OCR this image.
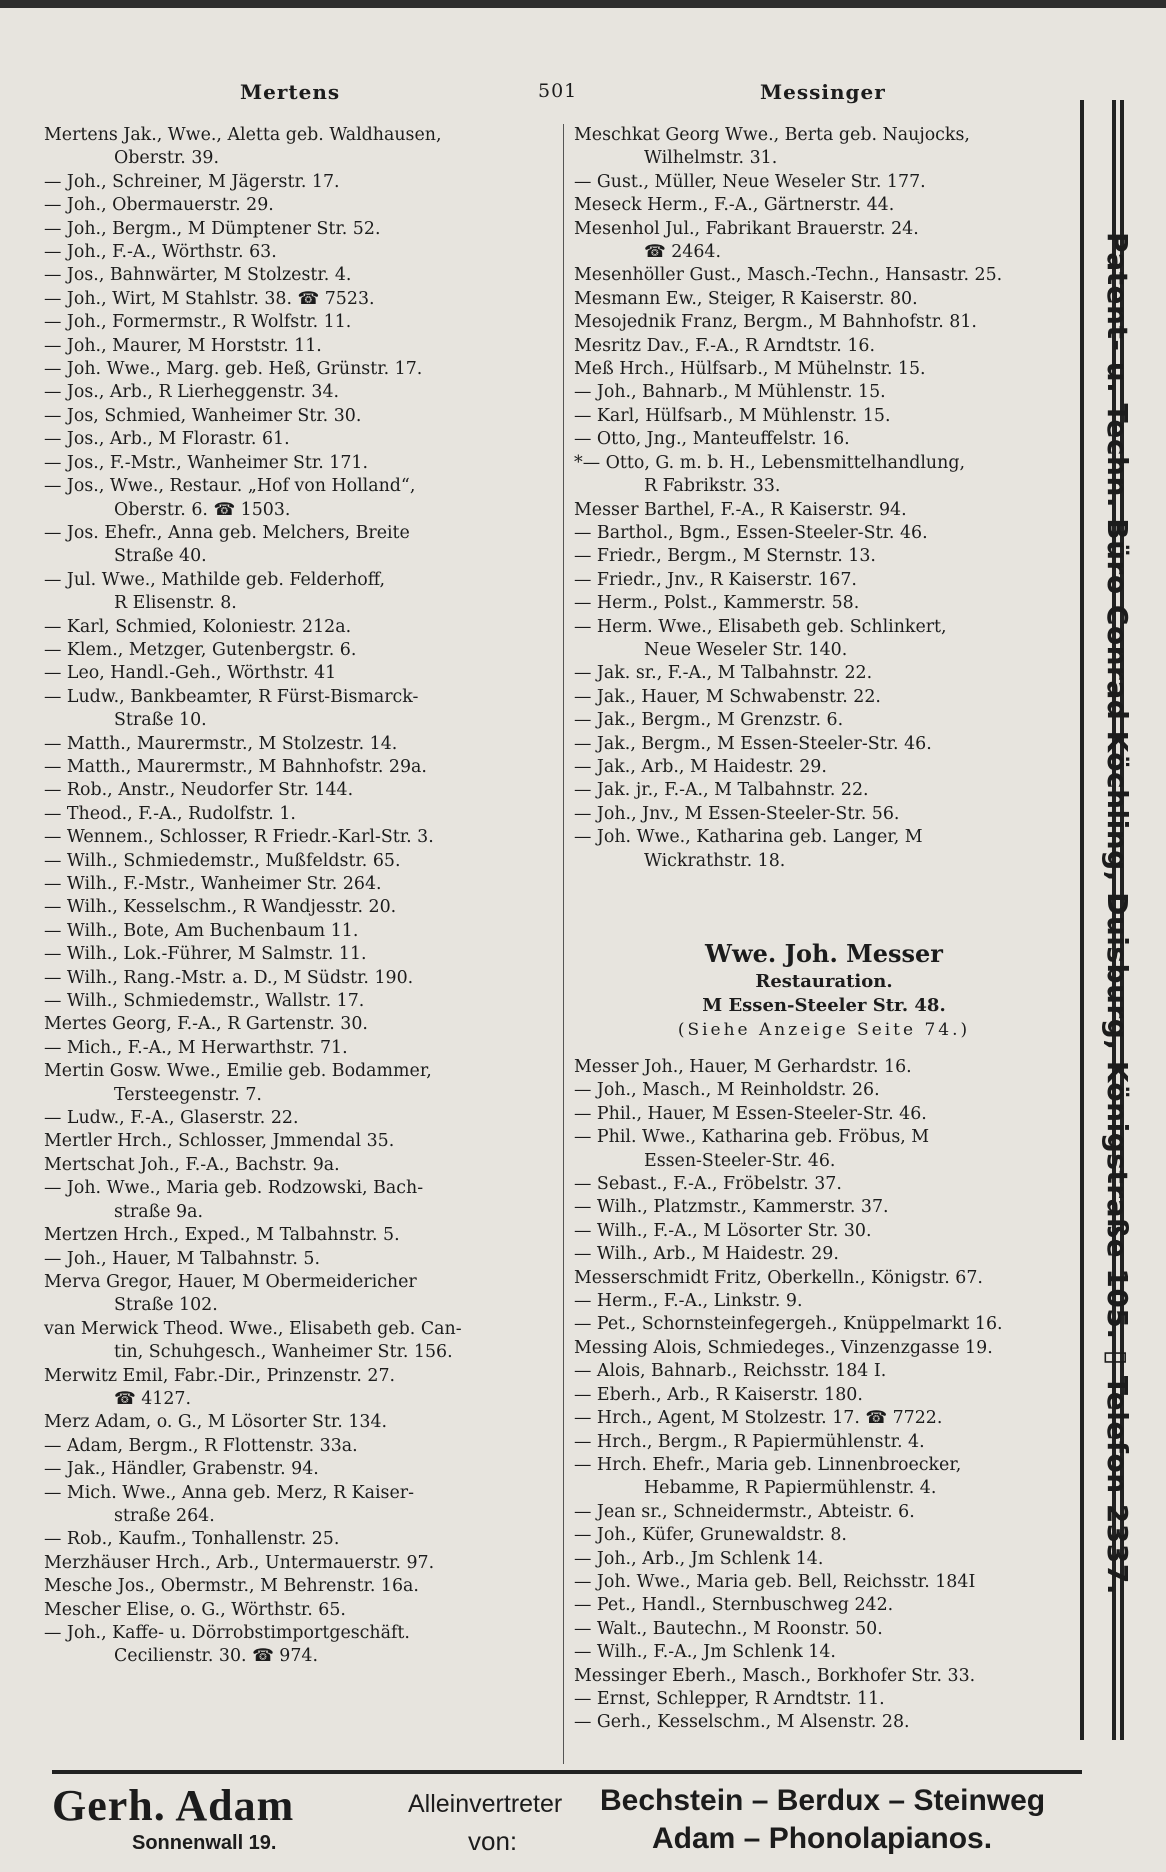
Mertens	501	Messinger

Mertens Jak., Wwe., Aletta geb. Waldhausen,

Oberstr. 39.

— Joh., Schreiner, M Jägerstr. 17.

— Joh., Obermauerstr. 29.

— Joh., Bergm., M Dümptener Str. 52.

— Joh., F.-A., Wörthstr. 63.

— Jos., Bahnwärter, M Stolzestr. 4.

— Joh., Wirt, M Stahlstr. 38. ☎ 7523.

— Joh., Formermstr., R Wolfstr. 11.

— Joh., Maurer, M Horststr. 11.

— Joh. Wwe., Marg. geb. Heß, Grünstr. 17.

— Jos., Arb., R Lierheggenstr. 34.

— Jos, Schmied, Wanheimer Str. 30.

— Jos., Arb., M Florastr. 61.

— Jos., F.-Mstr., Wanheimer Str. 171.

— Jos., Wwe., Restaur. „Hof von Holland“,

Oberstr. 6. ☎ 1503.

— Jos. Ehefr., Anna geb. Melchers, Breite

Straße 40.

— Jul. Wwe., Mathilde geb. Felderhoff,

R Elisenstr. 8.

— Karl, Schmied, Koloniestr. 212a.

— Klem., Metzger, Gutenbergstr. 6.

— Leo, Handl.-Geh., Wörthstr. 41

— Ludw., Bankbeamter, R Fürst-Bismarck-

Straße 10.

— Matth., Maurermstr., M Stolzestr. 14.

— Matth., Maurermstr., M Bahnhofstr. 29a.

— Rob., Anstr., Neudorfer Str. 144.

— Theod., F.-A., Rudolfstr. 1.

— Wennem., Schlosser, R Friedr.-Karl-Str. 3.

— Wilh., Schmiedemstr., Mußfeldstr. 65.

— Wilh., F.-Mstr., Wanheimer Str. 264.

— Wilh., Kesselschm., R Wandjesstr. 20.

— Wilh., Bote, Am Buchenbaum 11.

— Wilh., Lok.-Führer, M Salmstr. 11.

— Wilh., Rang.-Mstr. a. D., M Südstr. 190.

— Wilh., Schmiedemstr., Wallstr. 17.

Mertes Georg, F.-A., R Gartenstr. 30.

— Mich., F.-A., M Herwarthstr. 71.

Mertin Gosw. Wwe., Emilie geb. Bodammer,

Tersteegenstr. 7.

— Ludw., F.-A., Glaserstr. 22.

Mertler Hrch., Schlosser, Jmmendal 35.

Mertschat Joh., F.-A., Bachstr. 9a.

— Joh. Wwe., Maria geb. Rodzowski, Bach-

straße 9a.

Mertzen Hrch., Exped., M Talbahnstr. 5.

— Joh., Hauer, M Talbahnstr. 5.

Merva Gregor, Hauer, M Obermeidericher

Straße 102.

van Merwick Theod. Wwe., Elisabeth geb. Can-

tin, Schuhgesch., Wanheimer Str. 156.

Merwitz Emil, Fabr.-Dir., Prinzenstr. 27.

☎ 4127.

Merz Adam, o. G., M Lösorter Str. 134.

— Adam, Bergm., R Flottenstr. 33a.

— Jak., Händler, Grabenstr. 94.

— Mich. Wwe., Anna geb. Merz, R Kaiser-

straße 264.

— Rob., Kaufm., Tonhallenstr. 25.

Merzhäuser Hrch., Arb., Untermauerstr. 97.

Mesche Jos., Obermstr., M Behrenstr. 16a.

Mescher Elise, o. G., Wörthstr. 65.

— Joh., Kaffe- u. Dörrobstimportgeschäft.

Cecilienstr. 30. ☎ 974.

Meschkat Georg Wwe., Berta geb. Naujocks,

Wilhelmstr. 31.

— Gust., Müller, Neue Weseler Str. 177.

Meseck Herm., F.-A., Gärtnerstr. 44.

Mesenhol Jul., Fabrikant Brauerstr. 24.

☎ 2464.

Mesenhöller Gust., Masch.-Techn., Hansastr. 25.

Mesmann Ew., Steiger, R Kaiserstr. 80.

Mesojednik Franz, Bergm., M Bahnhofstr. 81.

Mesritz Dav., F.-A., R Arndtstr. 16.

Meß Hrch., Hülfsarb., M Mühelnstr. 15.

— Joh., Bahnarb., M Mühlenstr. 15.

— Karl, Hülfsarb., M Mühlenstr. 15.

— Otto, Jng., Manteuffelstr. 16.

*— Otto, G. m. b. H., Lebensmittelhandlung,

R Fabrikstr. 33.

Messer Barthel, F.-A., R Kaiserstr. 94.

— Barthol., Bgm., Essen-Steeler-Str. 46.

— Friedr., Bergm., M Sternstr. 13.

— Friedr., Jnv., R Kaiserstr. 167.

— Herm., Polst., Kammerstr. 58.

— Herm. Wwe., Elisabeth geb. Schlinkert,

Neue Weseler Str. 140.

— Jak. sr., F.-A., M Talbahnstr. 22.

— Jak., Hauer, M Schwabenstr. 22.

— Jak., Bergm., M Grenzstr. 6.

— Jak., Bergm., M Essen-Steeler-Str. 46.

— Jak., Arb., M Haidestr. 29.

— Jak. jr., F.-A., M Talbahnstr. 22.

— Joh., Jnv., M Essen-Steeler-Str. 56.

— Joh. Wwe., Katharina geb. Langer, M

Wickrathstr. 18.

Wwe. Joh. Messer
Restauration.
M Essen-Steeler Str. 48.
(Siehe Anzeige Seite 74.)

Messer Joh., Hauer, M Gerhardstr. 16.

— Joh., Masch., M Reinholdstr. 26.

— Phil., Hauer, M Essen-Steeler-Str. 46.

— Phil. Wwe., Katharina geb. Fröbus, M

Essen-Steeler-Str. 46.

— Sebast., F.-A., Fröbelstr. 37.

— Wilh., Platzmstr., Kammerstr. 37.

— Wilh., F.-A., M Lösorter Str. 30.

— Wilh., Arb., M Haidestr. 29.

Messerschmidt Fritz, Oberkelln., Königstr. 67.

— Herm., F.-A., Linkstr. 9.

— Pet., Schornsteinfegergeh., Knüppelmarkt 16.

Messing Alois, Schmiedeges., Vinzenzgasse 19.

— Alois, Bahnarb., Reichsstr. 184 I.

— Eberh., Arb., R Kaiserstr. 180.

— Hrch., Agent, M Stolzestr. 17. ☎ 7722.

— Hrch., Bergm., R Papiermühlenstr. 4.

— Hrch. Ehefr., Maria geb. Linnenbroecker,

Hebamme, R Papiermühlenstr. 4.

— Jean sr., Schneidermstr., Abteistr. 6.

— Joh., Küfer, Grunewaldstr. 8.

— Joh., Arb., Jm Schlenk 14.

— Joh. Wwe., Maria geb. Bell, Reichsstr. 184I

— Pet., Handl., Sternbuschweg 242.

— Walt., Bautechn., M Roonstr. 50.

— Wilh., F.-A., Jm Schlenk 14.

Messinger Eberh., Masch., Borkhofer Str. 33.

— Ernst, Schlepper, R Arndtstr. 11.

— Gerh., Kesselschm., M Alsenstr. 28.

Patent- u. Techn. Büro Conrad Köchling, Duisburg, Königstraße 105. ▯ Telefon 2337.
Gerh. Adam
Sonnenwall 19.
Alleinvertreter
von:
Bechstein – Berdux – Steinweg
Adam – Phonolapianos.
